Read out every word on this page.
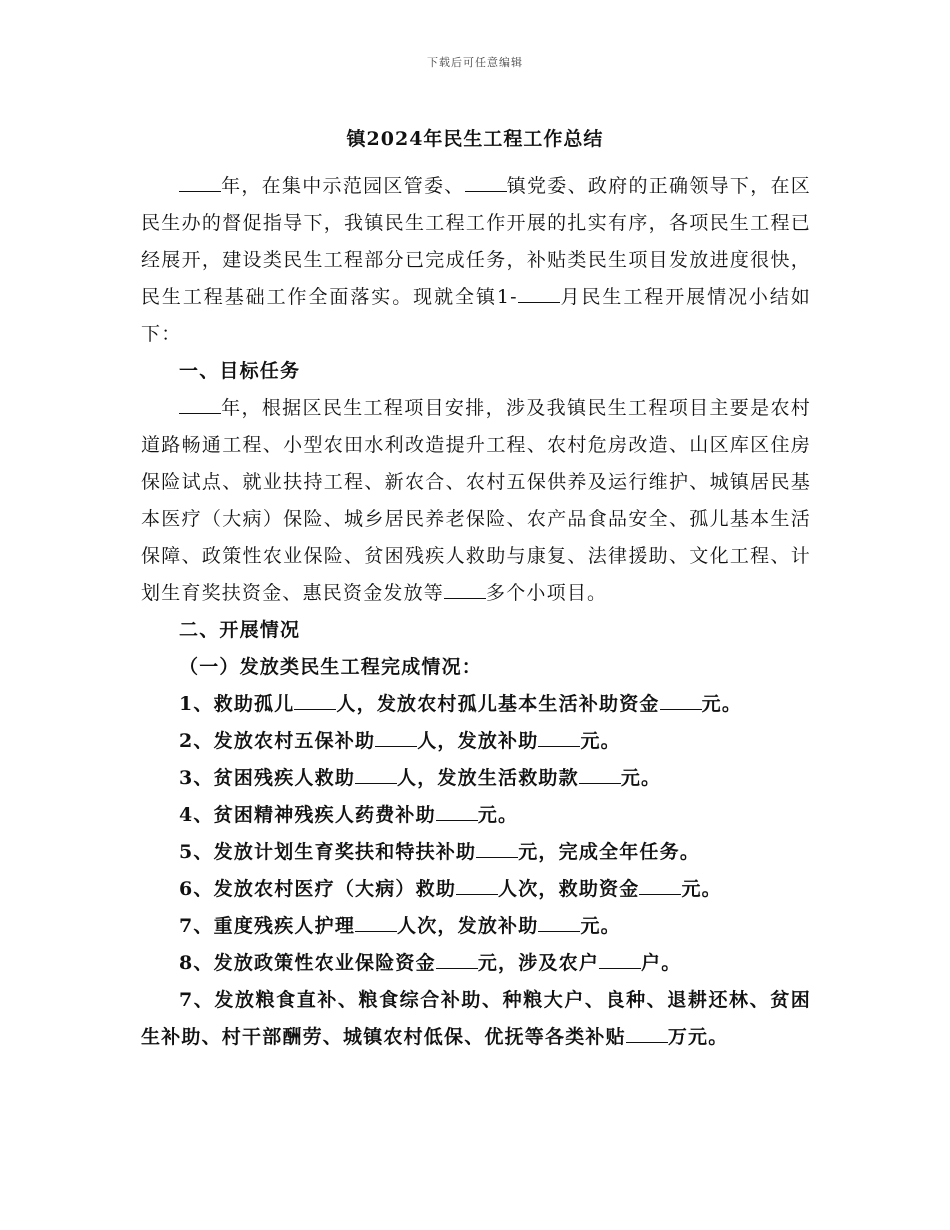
下载后可任意编辑
镇2024年民生工程工作总结

年，在集中示范园区管委、 镇党委、政府的正确领导下，在区民生办的督促指导下，我镇民生工程工作开展的扎实有序，各项民生工程已经展开，建设类民生工程部分已完成任务，补贴类民生项目发放进度很快，民生工程基础工作全面落实。现就全镇1- 月民生工程开展情况小结如下：

一、目标任务

年，根据区民生工程项目安排，涉及我镇民生工程项目主要是农村道路畅通工程、小型农田水利改造提升工程、农村危房改造、山区库区住房保险试点、就业扶持工程、新农合、农村五保供养及运行维护、城镇居民基本医疗（大病）保险、城乡居民养老保险、农产品食品安全、孤儿基本生活保障、政策性农业保险、贫困残疾人救助与康复、法律援助、文化工程、计划生育奖扶资金、惠民资金发放等 多个小项目。

二、开展情况

（一）发放类民生工程完成情况：

1、救助孤儿 人，发放农村孤儿基本生活补助资金 元。

2、发放农村五保补助 人，发放补助 元。

3、贫困残疾人救助 人，发放生活救助款 元。

4、贫困精神残疾人药费补助 元。

5、发放计划生育奖扶和特扶补助 元，完成全年任务。

6、发放农村医疗（大病）救助 人次，救助资金 元。

7、重度残疾人护理 人次，发放补助 元。

8、发放政策性农业保险资金 元，涉及农户 户。

7、发放粮食直补、粮食综合补助、种粮大户、良种、退耕还林、贫困生补助、村干部酬劳、城镇农村低保、优抚等各类补贴 万元。
